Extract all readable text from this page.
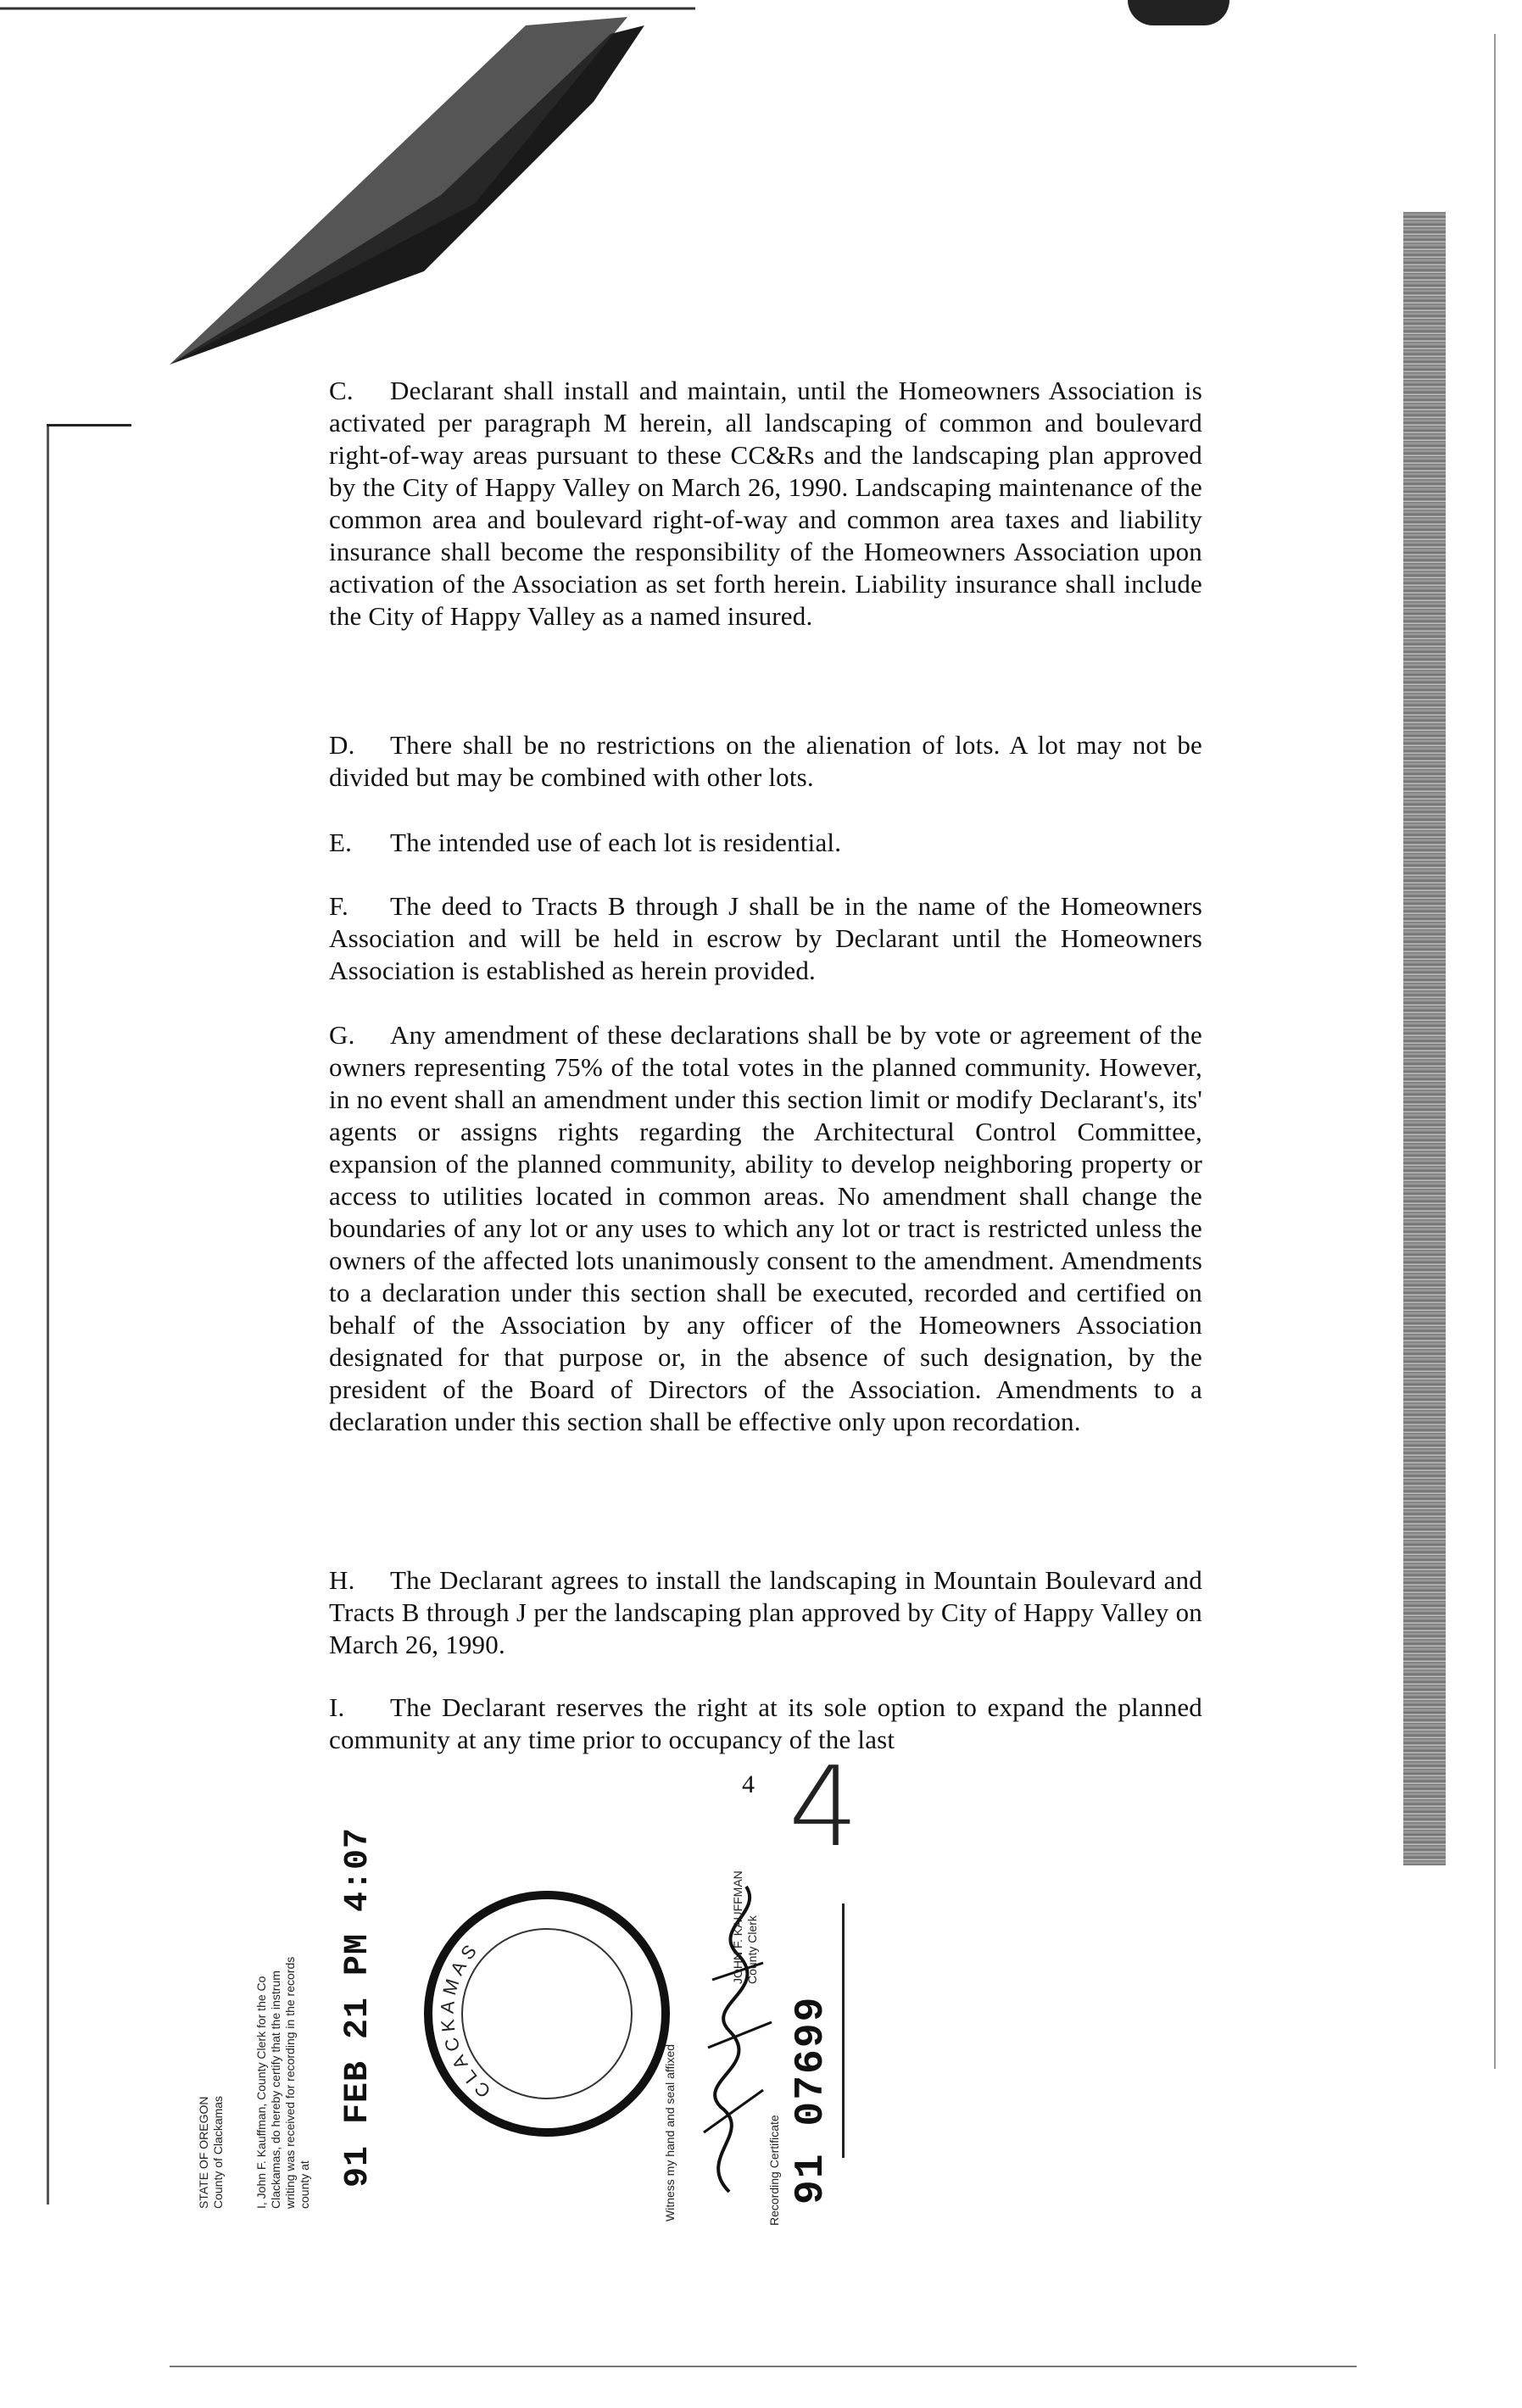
C. Declarant shall install and maintain, until the Homeowners Association is activated per paragraph M herein, all landscaping of common and boulevard right-of-way areas pursuant to these CC&Rs and the landscaping plan approved by the City of Happy Valley on March 26, 1990. Landscaping maintenance of the common area and boulevard right-of-way and common area taxes and liability insurance shall become the responsibility of the Homeowners Association upon activation of the Association as set forth herein. Liability insurance shall include the City of Happy Valley as a named insured.
D. There shall be no restrictions on the alienation of lots. A lot may not be divided but may be combined with other lots.
E. The intended use of each lot is residential.
F. The deed to Tracts B through J shall be in the name of the Homeowners Association and will be held in escrow by Declarant until the Homeowners Association is established as herein provided.
G. Any amendment of these declarations shall be by vote or agreement of the owners representing 75% of the total votes in the planned community. However, in no event shall an amendment under this section limit or modify Declarant's, its' agents or assigns rights regarding the Architectural Control Committee, expansion of the planned community, ability to develop neighboring property or access to utilities located in common areas. No amendment shall change the boundaries of any lot or any uses to which any lot or tract is restricted unless the owners of the affected lots unanimously consent to the amendment. Amendments to a declaration under this section shall be executed, recorded and certified on behalf of the Association by any officer of the Homeowners Association designated for that purpose or, in the absence of such designation, by the president of the Board of Directors of the Association. Amendments to a declaration under this section shall be effective only upon recordation.
H. The Declarant agrees to install the landscaping in Mountain Boulevard and Tracts B through J per the landscaping plan approved by City of Happy Valley on March 26, 1990.
I. The Declarant reserves the right at its sole option to expand the planned community at any time prior to occupancy of the last
4 4
STATE OF OREGON County of Clackamas	I, John F. Kauffman, County Clerk for the Co Clackamas, do hereby certify that the instrum writing was received for recording in the records county at 91 FEB 21 PM 4:07	CLACKAMAS
Witness my hand and seal affixed
JOHN F. KAUFFMAN County Clerk
Recording Certificate 91 07699
